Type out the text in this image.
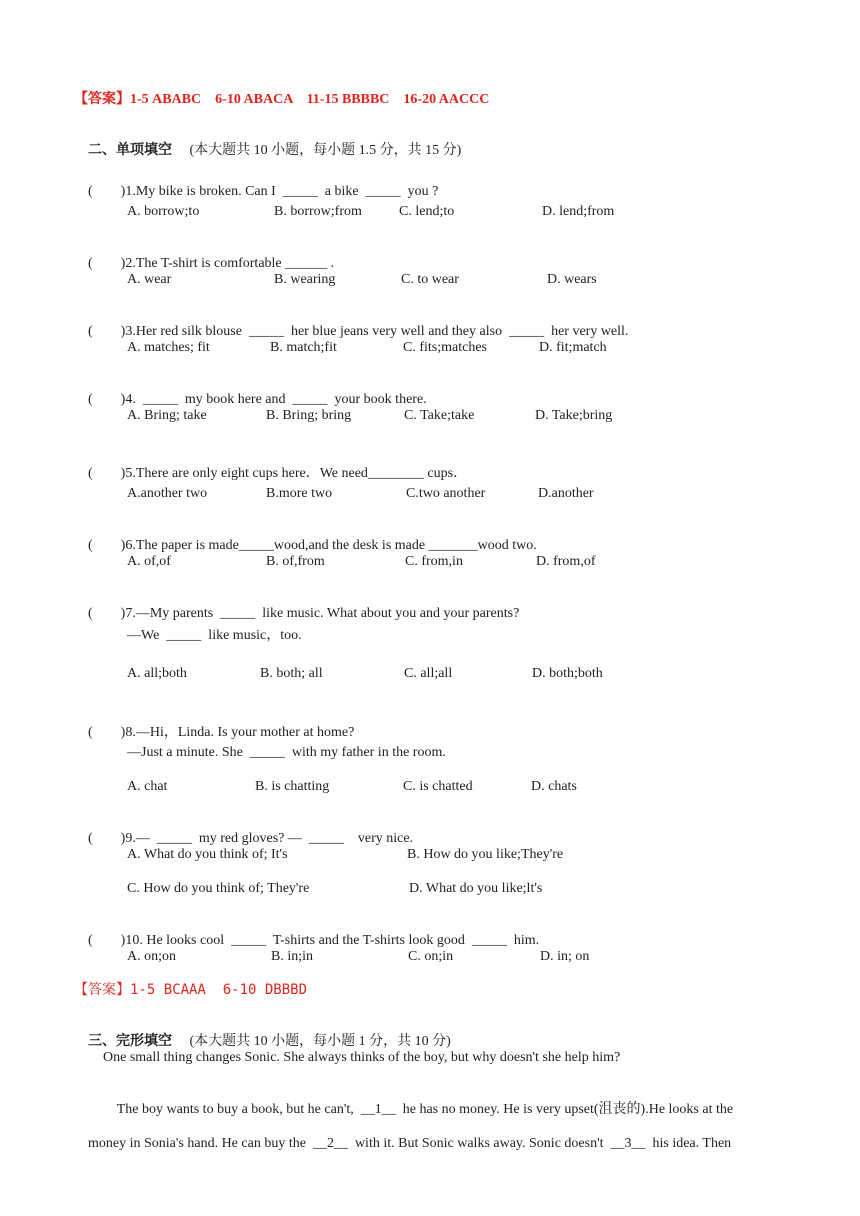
【答案】1-5 ABABC    6-10 ABACA    11-15 BBBBC    16-20 AACCC

二、单项填空 (本大题共 10 小题，每小题 1.5 分，共 15 分)

(        )1.My bike is broken. Can I  _____  a bike  _____  you ?

A. borrow;to	B. borrow;from	C. lend;to	D. lend;from

(        )2.The T-shirt is comfortable ______ .

A. wear	B. wearing	C. to wear	D. wears

(        )3.Her red silk blouse  _____  her blue jeans very well and they also  _____  her very well.

A. matches; fit	B. match;fit	C. fits;matches	D. fit;match

(        )4.  _____  my book here and  _____  your book there.

A. Bring; take	B. Bring; bring	C. Take;take	D. Take;bring

(        )5.There are only eight cups here．We need________ cups．

A.another two	B.more two	C.two another	D.another

(        )6.The paper is made_____wood,and the desk is made _______wood two.

A. of,of	B. of,from	C. from,in	D. from,of

(        )7.—My parents  _____  like music. What about you and your parents?

—We  _____  like music，too.
A. all;both	B. both; all	C. all;all	D. both;both

(        )8.—Hi，Linda. Is your mother at home?

—Just a minute. She  _____  with my father in the room.
A. chat	B. is chatting	C. is chatted	D. chats

(        )9.—  _____  my red gloves? —  _____    very nice.

A. What do you think of; It's	B. How do you like;They're
C. How do you think of; They're	D. What do you like;lt's

(        )10. He looks cool  _____  T-shirts and the T-shirts look good  _____  him.

A. on;on	B. in;in	C. on;in	D. in; on
【答案】1-5 BCAAA  6-10 DBBBD

三、完形填空 (本大题共 10 小题，每小题 1 分，共 10 分)

One small thing changes Sonic. She always thinks of the boy, but why doesn't she help him?

The boy wants to buy a book, but he can't,  __1__  he has no money. He is very upset(沮丧的).He looks at the

money in Sonia's hand. He can buy the  __2__  with it. But Sonic walks away. Sonic doesn't  __3__  his idea. Then
